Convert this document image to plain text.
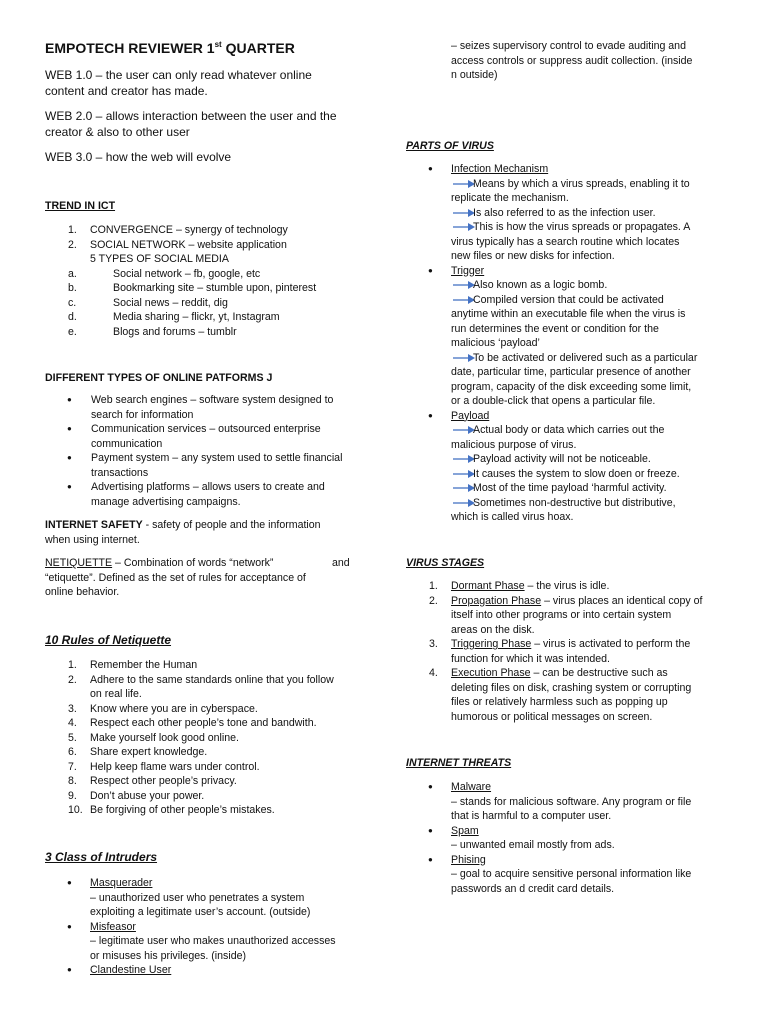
EMPOTECH REVIEWER 1st QUARTER
WEB 1.0 – the user can only read whatever online
content and creator has made.
WEB 2.0 – allows interaction between the user and the
creator & also to other user
WEB 3.0 – how the web will evolve
TREND IN ICT
1. CONVERGENCE – synergy of technology
2. SOCIAL NETWORK – website application
5 TYPES OF SOCIAL MEDIA
a.	Social network – fb, google, etc
b.	Bookmarking site – stumble upon, pinterest
c.	Social news – reddit, dig
d.	Media sharing – flickr, yt, Instagram
e.	Blogs and forums – tumblr
DIFFERENT TYPES OF ONLINE PATFORMS J
● Web search engines – software system designed to
search for information
● Communication services – outsourced enterprise
communication
● Payment system – any system used to settle financial
transactions
● Advertising platforms – allows users to create and
manage advertising campaigns.
INTERNET SAFETY - safety of people and the information
when using internet.
NETIQUETTE – Combination of words “network”	and
“etiquette”. Defined as the set of rules for acceptance of
online behavior.
10 Rules of Netiquette
1. Remember the Human
2. Adhere to the same standards online that you follow
on real life.
3. Know where you are in cyberspace.
4. Respect each other people’s tone and bandwith.
5. Make yourself look good online.
6. Share expert knowledge.
7. Help keep flame wars under control.
8. Respect other people’s privacy.
9. Don’t abuse your power.
10. Be forgiving of other people’s mistakes.
3 Class of Intruders
● Masquerader
– unauthorized user who penetrates a system
exploiting a legitimate user’s account. (outside)
● Misfeasor
– legitimate user who makes unauthorized accesses
or misuses his privileges. (inside)
● Clandestine User
– seizes supervisory control to evade auditing and
access controls or suppress audit collection. (inside
n outside)
PARTS OF VIRUS
● Infection Mechanism
Means by which a virus spreads, enabling it to
replicate the mechanism.
Is also referred to as the infection user.
This is how the virus spreads or propagates. A
virus typically has a search routine which locates
new files or new disks for infection.
● Trigger
Also known as a logic bomb.
Compiled version that could be activated
anytime within an executable file when the virus is
run determines the event or condition for the
malicious ‘payload’
To be activated or delivered such as a particular
date, particular time, particular presence of another
program, capacity of the disk exceeding some limit,
or a double-click that opens a particular file.
● Payload
Actual body or data which carries out the
malicious purpose of virus.
Payload activity will not be noticeable.
It causes the system to slow doen or freeze.
Most of the time payload ‘harmful activity.
Sometimes non-destructive but distributive,
which is called virus hoax.
VIRUS STAGES
1. Dormant Phase – the virus is idle.
2. Propagation Phase – virus places an identical copy of
itself into other programs or into certain system
areas on the disk.
3. Triggering Phase – virus is activated to perform the
function for which it was intended.
4. Execution Phase – can be destructive such as
deleting files on disk, crashing system or corrupting
files or relatively harmless such as popping up
humorous or political messages on screen.
INTERNET THREATS
● Malware
– stands for malicious software. Any program or file
that is harmful to a computer user.
● Spam
– unwanted email mostly from ads.
● Phising
– goal to acquire sensitive personal information like
passwords an d credit card details.
